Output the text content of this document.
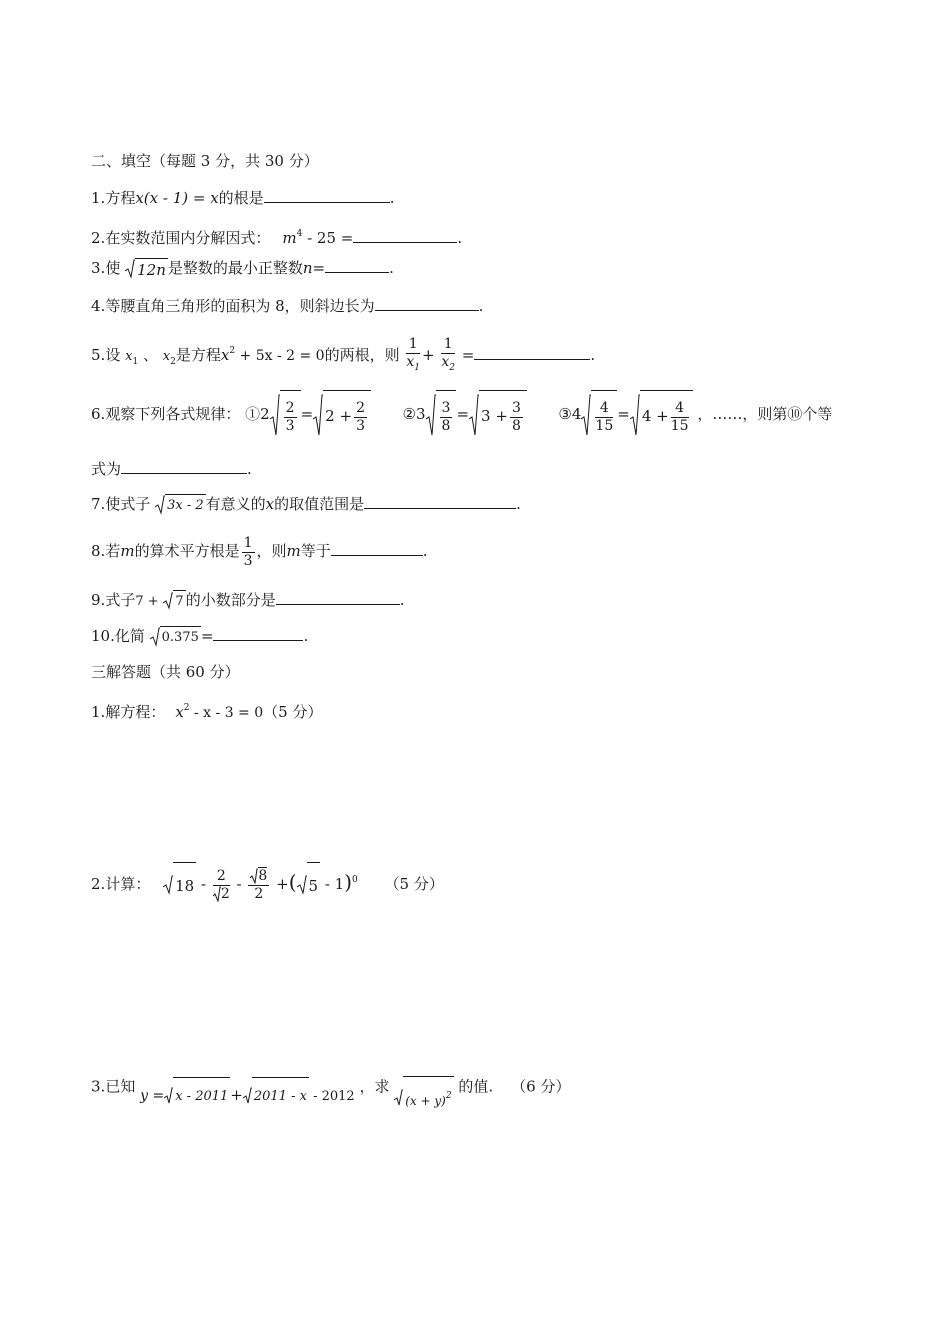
二、填空（每题 3 分，共 30 分）
1.方程x(x - 1) = x的根是	.
2.在实数范围内分解因式： $m^4 - 25$ =	.
3.使 12n 是整数的最小正整数n=	.
4.等腰直角三角形的面积为 8，则斜边长为	.
5.设 $x_1$ 、 $x_2$是方程$x^2 + 5x - 2 = 0$的两根，则 $\frac{1}{x_1} + \frac{1}{x_2}$ =	.
6.观察下列各式规律： ①2 $\frac{2}{3} = 2 + \frac{2}{3}$ ②3 $\frac{3}{8} = 3 + \frac{3}{8}$ ③4 $\frac{4}{15} = 4 + \frac{4}{15}$ ，……，则第⑩个等
式为	.
7.使式子 3x - 2 有意义的x的取值范围是	.
8.若m的算术平方根是 $\frac{1}{3}$ ，则m等于	.
9.式子7 + 7 的小数部分是	.
10.化简 0.375 =	.
三解答题（共 60 分）
1.解方程： $x^2 - x - 3 = 0(5$ 分）
2.计算： $18 - \frac{2}{2} - \frac{8}{2}$ +( 5 - 1)$^0$ （5 分）
3.已知 y = x - 2011 + 2011 - x - 2012 ，求 $(x + y)^2$ 的值. （6 分）
